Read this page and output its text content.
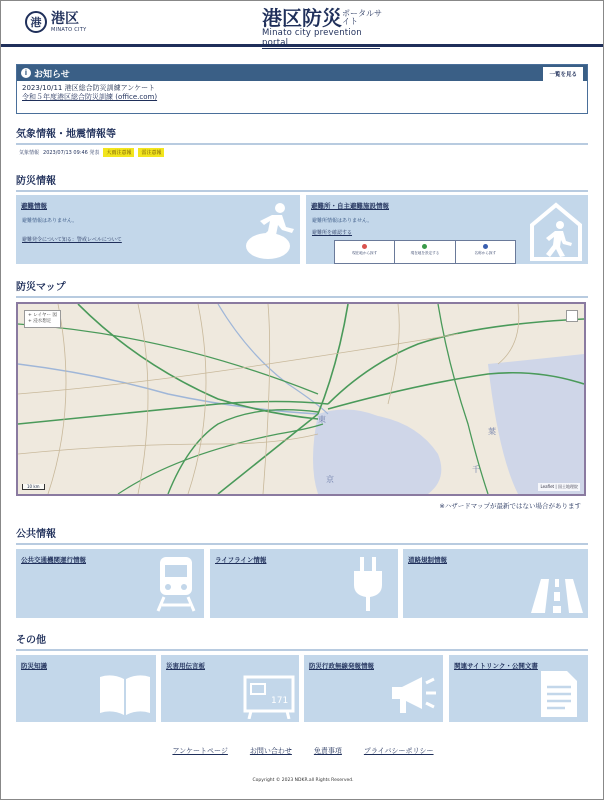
港 港区
MINATO CITY	港区防災ポータルサイト
Minato city prevention portal
i お知らせ	一覧を見る
2023/10/11 港区総合防災訓練アンケート
令和５年度港区総合防災訓練 (office.com)
気象情報・地震情報等
気象情報 2023/07/13 09:46 発表	大雨注意報	雷注意報
防災情報
避難情報
避難情報はありません。
避難発令について知る：警戒レベルについて
避難所・自主避難施設情報
避難所情報はありません。
避難所を確認する
現在地から探す	現在地を設定する	名称から探す
防災マップ
東
京
千
葉
+ レイヤー 図
+ 浸水想定
10 km	Leaflet | 国土地理院
※ハザードマップが最新ではない場合があります
公共情報
公共交通機関運行情報	ライフライン情報	道路規制情報
その他
防災知識	災害用伝言板
171
防災行政無線発報情報	関連サイトリンク・公開文書
アンケートページ	お問い合わせ	免責事項	プライバシーポリシー
Copyright © 2023 NDKR.all Rights Reserved.
